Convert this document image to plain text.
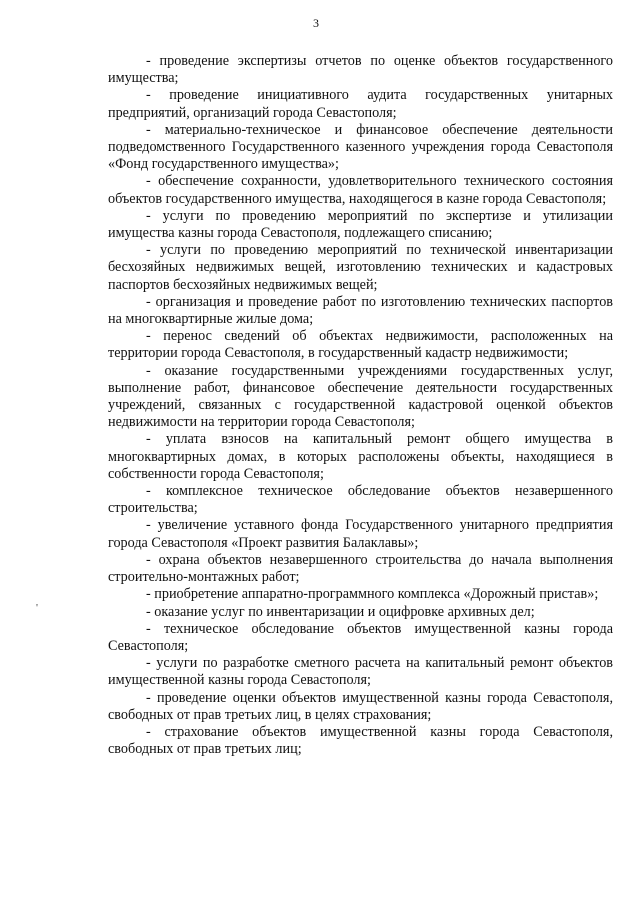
3
'

- проведение экспертизы отчетов по оценке объектов государственного имущества;

- проведение инициативного аудита государственных унитарных предприятий, организаций города Севастополя;

- материально-техническое и финансовое обеспечение деятельности подведомственного Государственного казенного учреждения города Севастополя «Фонд государственного имущества»;

- обеспечение сохранности, удовлетворительного технического состояния объектов государственного имущества, находящегося в казне города Севастополя;

- услуги по проведению мероприятий по экспертизе и утилизации имущества казны города Севастополя, подлежащего списанию;

- услуги по проведению мероприятий по технической инвентаризации бесхозяйных недвижимых вещей, изготовлению технических и кадастровых паспортов бесхозяйных недвижимых вещей;

- организация и проведение работ по изготовлению технических паспортов на многоквартирные жилые дома;

- перенос сведений об объектах недвижимости, расположенных на территории города Севастополя, в государственный кадастр недвижимости;

- оказание государственными учреждениями государственных услуг, выполнение работ, финансовое обеспечение деятельности государственных учреждений, связанных с государственной кадастровой оценкой объектов недвижимости на территории города Севастополя;

- уплата взносов на капитальный ремонт общего имущества в многоквартирных домах, в которых расположены объекты, находящиеся в собственности города Севастополя;

- комплексное техническое обследование объектов незавершенного строительства;

- увеличение уставного фонда Государственного унитарного предприятия города Севастополя «Проект развития Балаклавы»;

- охрана объектов незавершенного строительства до начала выполнения строительно-монтажных работ;

- приобретение аппаратно-программного комплекса «Дорожный пристав»;

- оказание услуг по инвентаризации и оцифровке архивных дел;

- техническое обследование объектов имущественной казны города Севастополя;

- услуги по разработке сметного расчета на капитальный ремонт объектов имущественной казны города Севастополя;

- проведение оценки объектов имущественной казны города Севастополя, свободных от прав третьих лиц, в целях страхования;

- страхование объектов имущественной казны города Севастополя, свободных от прав третьих лиц;
